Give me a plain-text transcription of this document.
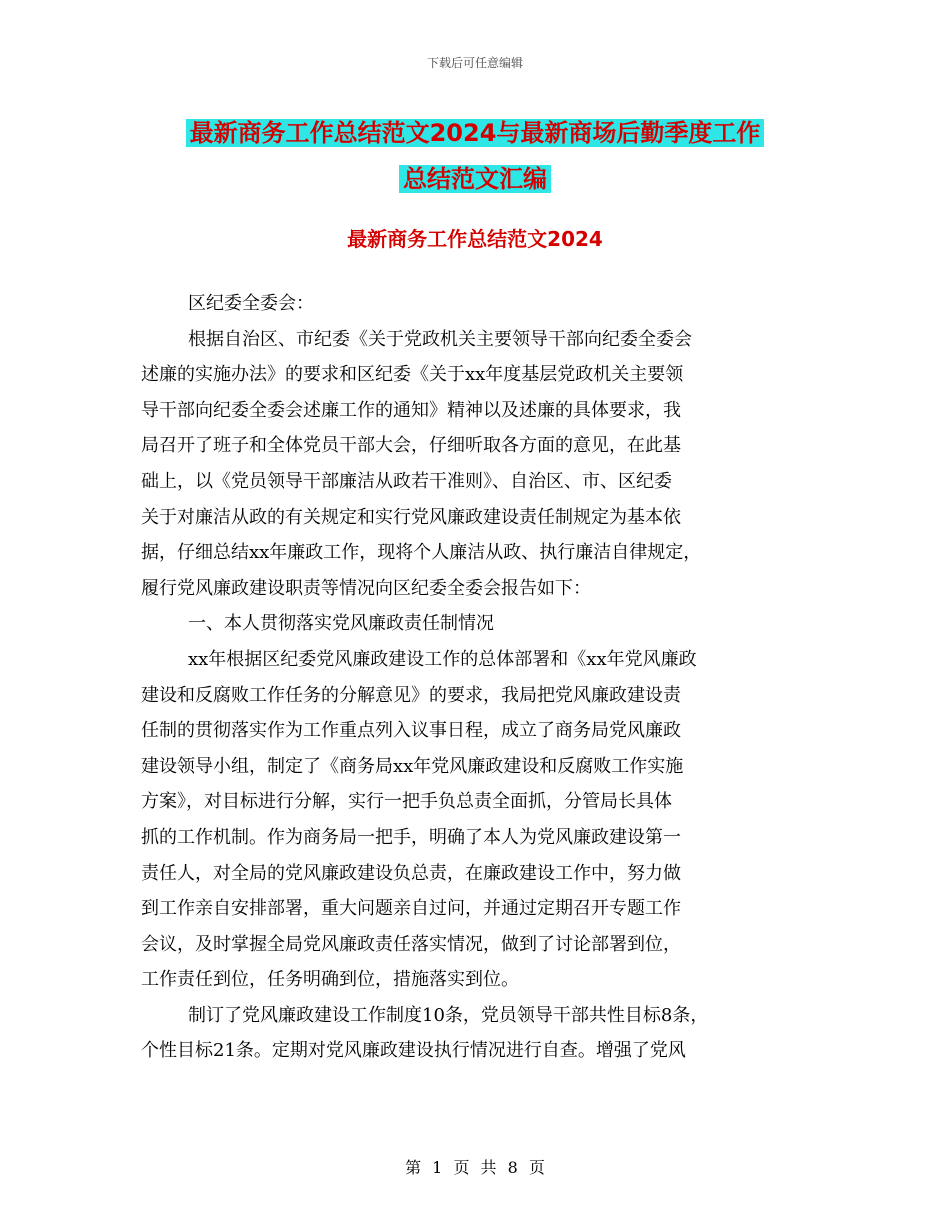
下载后可任意编辑
最新商务工作总结范文2024与最新商场后勤季度工作
总结范文汇编
最新商务工作总结范文2024
区纪委全委会：
根据自治区、市纪委《关于党政机关主要领导干部向纪委全委会
述廉的实施办法》的要求和区纪委《关于xx年度基层党政机关主要领
导干部向纪委全委会述廉工作的通知》精神以及述廉的具体要求，我
局召开了班子和全体党员干部大会，仔细听取各方面的意见，在此基
础上，以《党员领导干部廉洁从政若干准则》、自治区、市、区纪委
关于对廉洁从政的有关规定和实行党风廉政建设责任制规定为基本依
据，仔细总结xx年廉政工作，现将个人廉洁从政、执行廉洁自律规定，
履行党风廉政建设职责等情况向区纪委全委会报告如下：
一、本人贯彻落实党风廉政责任制情况
xx年根据区纪委党风廉政建设工作的总体部署和《xx年党风廉政
建设和反腐败工作任务的分解意见》的要求，我局把党风廉政建设责
任制的贯彻落实作为工作重点列入议事日程，成立了商务局党风廉政
建设领导小组，制定了《商务局xx年党风廉政建设和反腐败工作实施
方案》，对目标进行分解，实行一把手负总责全面抓，分管局长具体
抓的工作机制。作为商务局一把手，明确了本人为党风廉政建设第一
责任人，对全局的党风廉政建设负总责，在廉政建设工作中，努力做
到工作亲自安排部署，重大问题亲自过问，并通过定期召开专题工作
会议，及时掌握全局党风廉政责任落实情况，做到了讨论部署到位，
工作责任到位，任务明确到位，措施落实到位。
制订了党风廉政建设工作制度10条，党员领导干部共性目标8条，
个性目标21条。定期对党风廉政建设执行情况进行自查。增强了党风
第 1 页 共 8 页
